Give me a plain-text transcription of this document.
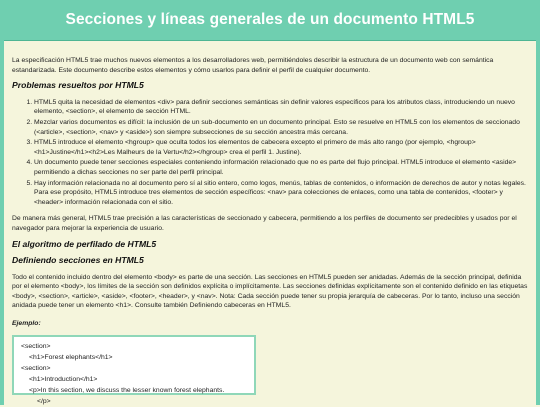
Secciones y líneas generales de un documento HTML5

La especificación HTML5 trae muchos nuevos elementos a los desarrolladores web, permitiéndoles describir la estructura de un documento web con semántica estandarizada. Este documento describe estos elementos y cómo usarlos para definir el perfil de cualquier documento.

Problemas resueltos por HTML5
1. HTML5 quita la necesidad de elementos <div> para definir secciones semánticas sin definir valores específicos para los atributos class, introduciendo un nuevo elemento, <section>, el elemento de sección HTML.
2. Mezclar varios documentos es difícil: la inclusión de un sub-documento en un documento principal. Esto se resuelve en HTML5 con los elementos de seccionado (<article>, <section>, <nav> y <aside>) son siempre subsecciones de su sección ancestra más cercana.
3. HTML5 introduce el elemento <hgroup> que oculta todos los elementos de cabecera excepto el primero de más alto rango (por ejemplo, <hgroup><h1>Justine</h1><h2>Les Malheurs de la Vertu</h2></hgroup> crea el perfil 1. Justine).
4. Un documento puede tener secciones especiales conteniendo información relacionado que no es parte del flujo principal. HTML5 introduce el elemento <aside> permitiendo a dichas secciones no ser parte del perfil principal.
5. Hay información relacionada no al documento pero sí al sitio entero, como logos, menús, tablas de contenidos, o información de derechos de autor y notas legales. Para ese propósito, HTML5 introduce tres elementos de sección específicos: <nav> para colecciones de enlaces, como una tabla de contenidos, <footer> y <header> información relacionada con el sitio.

De manera más general, HTML5 trae precisión a las características de seccionado y cabecera, permitiendo a los perfiles de documento ser predecibles y usados por el navegador para mejorar la experiencia de usuario.

El algoritmo de perfilado de HTML5
Definiendo secciones en HTML5

Todo el contenido incluido dentro del elemento <body> es parte de una sección. Las secciones en HTML5 pueden ser anidadas. Además de la sección principal, definida por el elemento <body>, los límites de la sección son definidos explícita o implícitamente. Las secciones definidas explícitamente son el contenido definido en las etiquetas <body>, <section>, <article>, <aside>, <footer>, <header>, y <nav>. Nota: Cada sección puede tener su propia jerarquía de cabeceras. Por lo tanto, incluso una sección anidada puede tener un elemento <h1>. Consulte también Definiendo cabeceras en HTML5.

Ejemplo:
<section>
<h1>Forest elephants</h1>
<section>
<h1>Introduction</h1>
<p>In this section, we discuss the lesser known forest elephants.
</p>
